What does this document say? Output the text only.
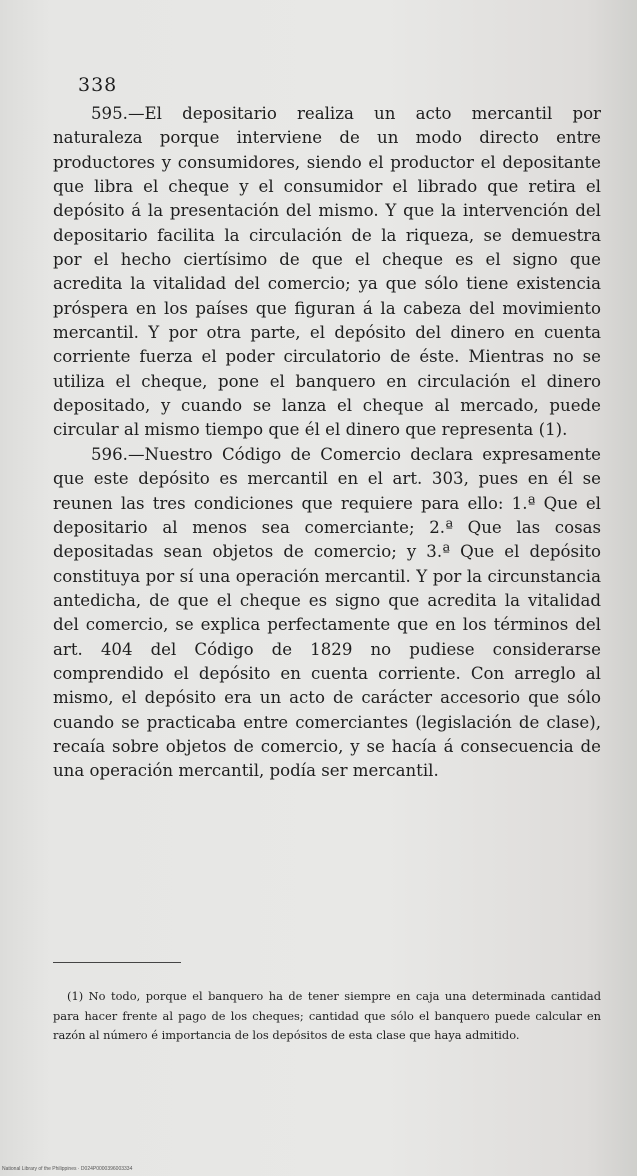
338

595.—El depositario realiza un acto mercantil por naturaleza porque interviene de un modo directo entre productores y consumidores, siendo el productor el depositante que libra el cheque y el consumidor el librado que retira el depósito á la presentación del mismo. Y que la intervención del depositario facilita la circulación de la riqueza, se demuestra por el hecho ciertísimo de que el cheque es el signo que acredita la vitalidad del comercio; ya que sólo tiene existencia próspera en los países que figuran á la cabeza del movimiento mercantil. Y por otra parte, el depósito del dinero en cuenta corriente fuerza el poder circulatorio de éste. Mientras no se utiliza el cheque, pone el banquero en circulación el dinero depositado, y cuando se lanza el cheque al mercado, puede circular al mismo tiempo que él el dinero que representa (1).

596.—Nuestro Código de Comercio declara expresamente que este depósito es mercantil en el art. 303, pues en él se reunen las tres condiciones que requiere para ello: 1.ª Que el depositario al menos sea comerciante; 2.ª Que las cosas depositadas sean objetos de comercio; y 3.ª Que el depósito constituya por sí una operación mercantil. Y por la circunstancia antedicha, de que el cheque es signo que acredita la vitalidad del comercio, se explica perfectamente que en los términos del art. 404 del Código de 1829 no pudiese considerarse comprendido el depósito en cuenta corriente. Con arreglo al mismo, el depósito era un acto de carácter accesorio que sólo cuando se practicaba entre comerciantes (legislación de clase), recaía sobre objetos de comercio, y se hacía á consecuencia de una operación mercantil, podía ser mercantil.

(1) No todo, porque el banquero ha de tener siempre en caja una determinada cantidad para hacer frente al pago de los cheques; cantidad que sólo el banquero puede calcular en razón al número é importancia de los depósitos de esta clase que haya admitido.

National Library of the Philippines · D024P0000396003334
